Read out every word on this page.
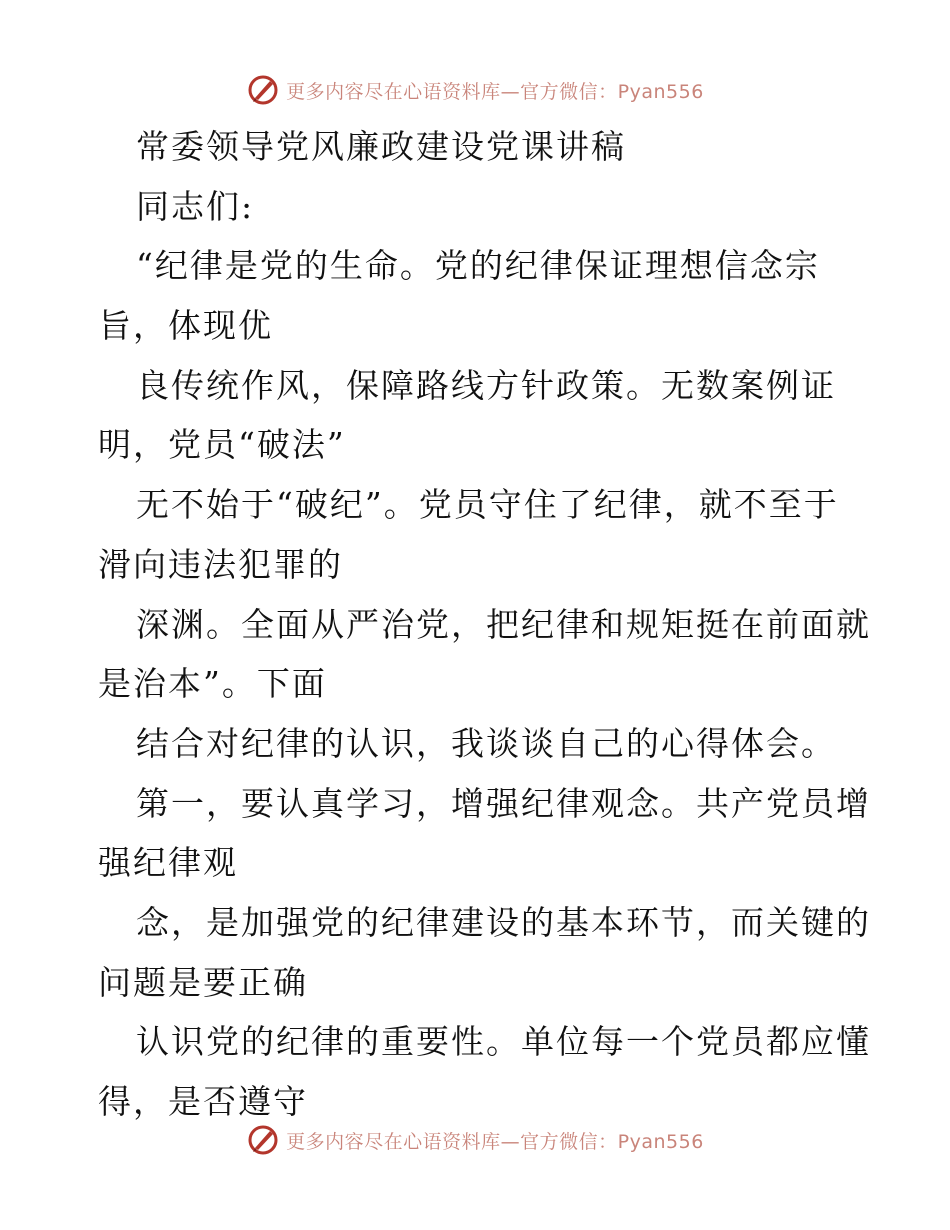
更多内容尽在心语资料库—官方微信：Pyan556
常委领导党风廉政建设党课讲稿
同志们:
“纪律是党的生命。党的纪律保证理想信念宗
旨，体现优
良传统作风，保障路线方针政策。无数案例证
明，党员“破法”
无不始于“破纪”。党员守住了纪律，就不至于
滑向违法犯罪的
深渊。全面从严治党，把纪律和规矩挺在前面就
是治本”。下面
结合对纪律的认识，我谈谈自己的心得体会。
第一，要认真学习，增强纪律观念。共产党员增
强纪律观
念，是加强党的纪律建设的基本环节，而关键的
问题是要正确
认识党的纪律的重要性。单位每一个党员都应懂
得，是否遵守
更多内容尽在心语资料库—官方微信：Pyan556
